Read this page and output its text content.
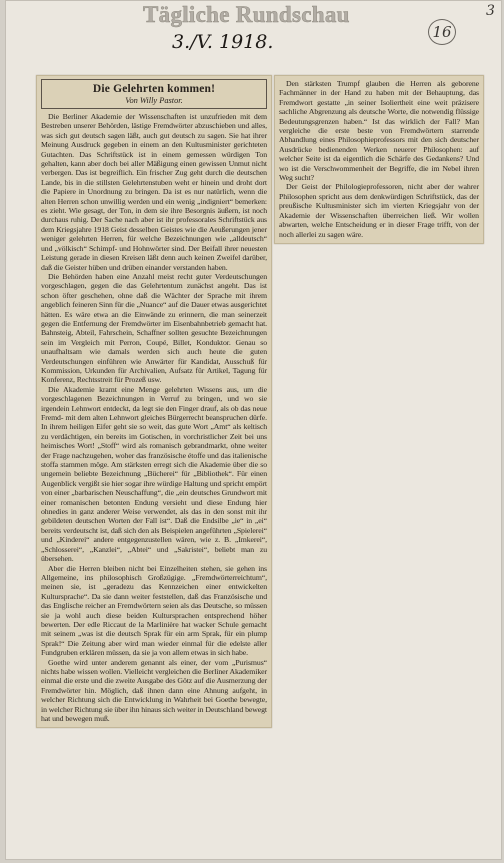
Tägliche Rundschau
3./V. 1918.	16
3
Die Gelehrten kommen!
Von Willy Pastor.

Die Berliner Akademie der Wissenschaften ist unzufrieden mit dem Bestreben unserer Behörden, lästige Fremdwörter abzuschieben und alles, was sich gut deutsch sagen läßt, auch gut deutsch zu sagen. Sie hat ihrer Meinung Ausdruck gegeben in einem an den Kultusminister gerichteten Gutachten. Das Schriftstück ist in einem gemessen würdigen Ton gehalten, kann aber doch bei aller Mäßigung einen gewissen Unmut nicht verbergen. Das ist begreiflich. Ein frischer Zug geht durch die deutschen Lande, bis in die stillsten Gelehrtenstuben weht er hinein und droht dort die Papiere in Unordnung zu bringen. Da ist es nur natürlich, wenn die alten Herren schon unwillig werden und ein wenig „indigniert“ bemerken: es zieht. Wie gesagt, der Ton, in dem sie ihre Besorgnis äußern, ist noch durchaus ruhig. Der Sache nach aber ist ihr professorales Schriftstück aus dem Kriegsjahre 1918 Geist desselben Geistes wie die Aeußerungen jener weniger gelehrten Herren, für welche Bezeichnungen wie „alldeutsch“ und „völkisch“ Schimpf- und Hohnwörter sind. Der Beifall ihrer neuesten Leistung gerade in diesen Kreisen läßt denn auch keinen Zweifel darüber, daß die Geister hüben und drüben einander verstanden haben.

Die Behörden haben eine Anzahl meist recht guter Verdeutschungen vorgeschlagen, gegen die das Gelehrtentum zunächst angeht. Das ist schon öfter geschehen, ohne daß die Wächter der Sprache mit ihrem angeblich feineren Sinn für die „Nuance“ auf die Dauer etwas ausgerichtet hätten. Es wäre etwa an die Einwände zu erinnern, die man seinerzeit gegen die Entfernung der Fremdwörter im Eisenbahnbetrieb gemacht hat. Bahnsteig, Abteil, Fahrschein, Schaffner sollten gesuchte Bezeichnungen sein im Vergleich mit Perron, Coupé, Billet, Konduktor. Genau so unaufhaltsam wie damals werden sich auch heute die guten Verdeutschungen einführen wie Anwärter für Kandidat, Ausschuß für Kommission, Urkunden für Archivalien, Aufsatz für Artikel, Tagung für Konferenz, Rechtsstreit für Prozeß usw.

Die Akademie kramt eine Menge gelehrten Wissens aus, um die vorgeschlagenen Bezeichnungen in Verruf zu bringen, und wo sie irgendein Lehnwort entdeckt, da legt sie den Finger drauf, als ob das neue Fremd- mit dem alten Lehnwort gleiches Bürgerrecht beanspruchen dürfe. In ihrem heiligen Eifer geht sie so weit, das gute Wort „Amt“ als keltisch zu verdächtigen, ein bereits im Gotischen, in vorchristlicher Zeit bei uns heimisches Wort! „Stoff“ wird als romanisch gebrandmarkt, ohne weiter der Frage nachzugehen, woher das französische étoffe und das italienische stoffa stammen möge. Am stärksten erregt sich die Akademie über die so ungemein beliebte Bezeichnung „Bücherei“ für „Bibliothek“. Für einen Augenblick vergißt sie hier sogar ihre würdige Haltung und spricht empört von einer „barbarischen Neuschaffung“, die „ein deutsches Grundwort mit einer romanischen betonten Endung versieht und diese Endung hier ohnedies in ganz anderer Weise verwendet, als das in den sonst mit ihr gebildeten deutschen Worten der Fall ist“. Daß die Endsilbe „ie“ in „ei“ bereits verdeutscht ist, daß sich den als Beispielen angeführten „Spielerei“ und „Kinderei“ andere entgegenzustellen wären, wie z. B. „Imkerei“, „Schlosserei“, „Kanzlei“, „Abtei“ und „Sakristei“, beliebt man zu übersehen.

Aber die Herren bleiben nicht bei Einzelheiten stehen, sie gehen ins Allgemeine, ins philosophisch Großzügige. „Fremdwörterreichtum“, meinen sie, ist „geradezu das Kennzeichen einer entwickelten Kultursprache“. Da sie dann weiter feststellen, daß das Französische und das Englische reicher an Fremdwörtern seien als das Deutsche, so müssen sie ja wohl auch diese beiden Kultursprachen entsprechend höher bewerten. Der edle Riccaut de la Marlinière hat wacker Schule gemacht mit seinem „was ist die deutsch Sprak für ein arm Sprak, für ein plump Sprak!“ Die Zeitung aber wird man wieder einmal für die edelste aller Fundgruben erklären müssen, da sie ja von allem etwas in sich habe.

Goethe wird unter anderem genannt als einer, der vom „Purismus“ nichts habe wissen wollen. Vielleicht vergleichen die Berliner Akademiker einmal die erste und die zweite Ausgabe des Götz auf die Ausmerzung der Fremdwörter hin. Möglich, daß ihnen dann eine Ahnung aufgeht, in welcher Richtung sich die Entwicklung in Wahrheit bei Goethe bewegte, in welcher Richtung sie über ihn hinaus sich weiter in Deutschland bewegt hat und bewegen muß.

Den stärksten Trumpf glauben die Herren als geborene Fachmänner in der Hand zu haben mit der Behauptung, das Fremdwort gestatte „in seiner Isoliertheit eine weit präzisere sachliche Abgrenzung als deutsche Worte, die notwendig flüssige Bedeutungsgrenzen haben.“ Ist das wirklich der Fall? Man vergleiche die erste beste von Fremdwörtern starrende Abhandlung eines Philosophieprofessors mit den sich deutscher Ausdrücke bedienenden Werken neuerer Philosophen: auf welcher Seite ist da eigentlich die Schärfe des Gedankens? Und wo ist die Verschwommenheit der Begriffe, die im Nebel ihren Weg sucht?

Der Geist der Philologieprofessoren, nicht aber der wahrer Philosophen spricht aus dem denkwürdigen Schriftstück, das der preußische Kultusminister sich im vierten Kriegsjahr von der Akademie der Wissenschaften überreichen ließ. Wir wollen abwarten, welche Entscheidung er in dieser Frage trifft, von der noch allerlei zu sagen wäre.
